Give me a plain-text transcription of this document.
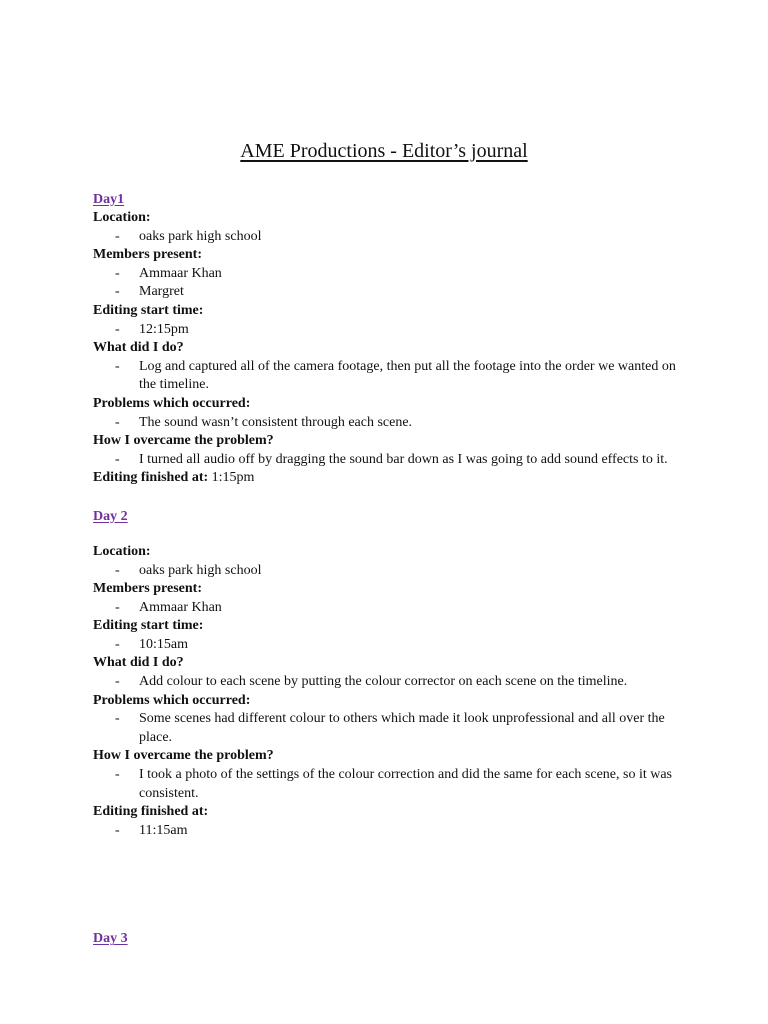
AME Productions - Editor’s journal
Day1
Location:
- oaks park high school
Members present:
- Ammaar Khan
- Margret
Editing start time:
- 12:15pm
What did I do?
- Log and captured all of the camera footage, then put all the footage into the order we wanted on the timeline.
Problems which occurred:
- The sound wasn’t consistent through each scene.
How I overcame the problem?
- I turned all audio off by dragging the sound bar down as I was going to add sound effects to it.
Editing finished at: 1:15pm
Day 2
Location:
- oaks park high school
Members present:
- Ammaar Khan
Editing start time:
- 10:15am
What did I do?
- Add colour to each scene by putting the colour corrector on each scene on the timeline.
Problems which occurred:
- Some scenes had different colour to others which made it look unprofessional and all over the place.
How I overcame the problem?
- I took a photo of the settings of the colour correction and did the same for each scene, so it was consistent.
Editing finished at:
- 11:15am
Day 3
